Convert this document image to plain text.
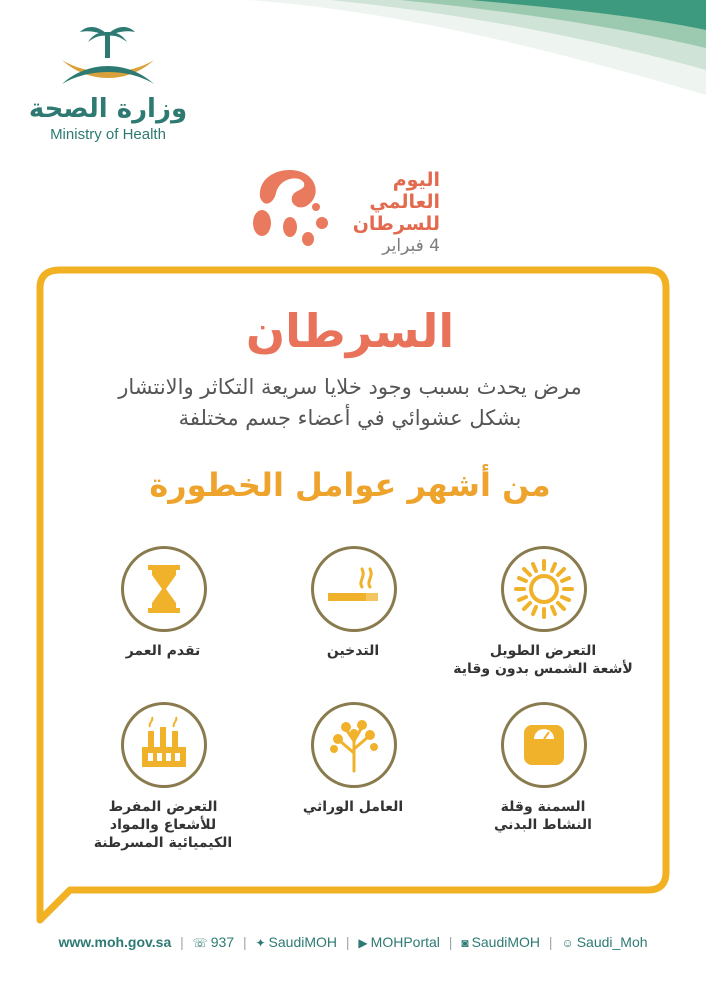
وزارة الصحة
Ministry of Health
اليوم العالمي
للسرطان
4 فبراير
السرطان
مرض يحدث بسبب وجود خلايا سريعة التكاثر والانتشار
بشكل عشوائي في أعضاء جسم مختلفة
من أشهر عوامل الخطورة
التعرض الطويل
لأشعة الشمس بدون وقاية
التدخين
تقدم العمر
السمنة وقلة
النشاط البدني
العامل الوراثي
التعرض المفرط
للأشعاع والمواد
الكيميائية المسرطنة
www.moh.gov.sa | ☏ 937 | ✦ SaudiMOH | ▶ MOHPortal | ◙ SaudiMOH | ☺ Saudi_Moh
